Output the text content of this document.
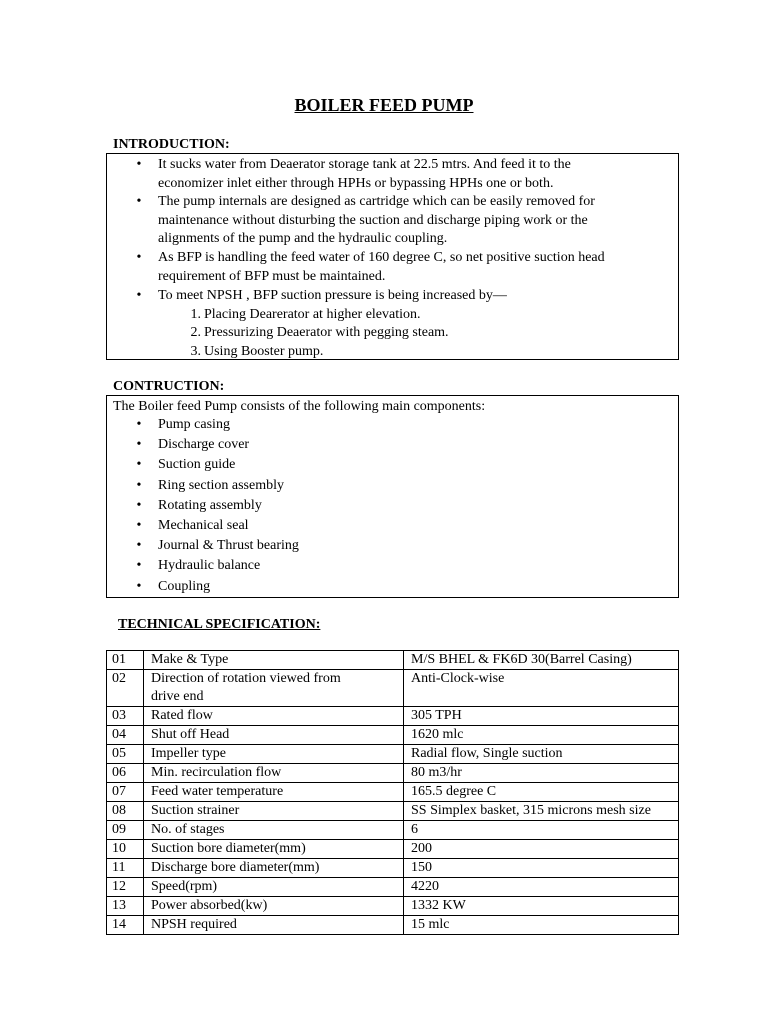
BOILER FEED PUMP
INTRODUCTION:
• It sucks water from Deaerator storage tank at 22.5 mtrs. And feed it to the
economizer inlet either through HPHs or bypassing HPHs one or both.
• The pump internals are designed as cartridge which can be easily removed for
maintenance without disturbing the suction and discharge piping work or the
alignments of the pump and the hydraulic coupling.
• As BFP is handling the feed water of 160 degree C, so net positive suction head
requirement of BFP must be maintained.
• To meet NPSH , BFP suction pressure is being increased by—
1. Placing Dearerator at higher elevation.
2. Pressurizing Deaerator with pegging steam.
3. Using Booster pump.
CONTRUCTION:
The Boiler feed Pump consists of the following main components:
• Pump casing
• Discharge cover
• Suction guide
• Ring section assembly
• Rotating assembly
• Mechanical seal
• Journal & Thrust bearing
• Hydraulic balance
• Coupling
TECHNICAL SPECIFICATION:
01	Make & Type	M/S BHEL & FK6D 30(Barrel Casing)
02	Direction of rotation viewed from
drive end	Anti-Clock-wise
03	Rated flow	305 TPH
04	Shut off Head	1620 mlc
05	Impeller type	Radial flow, Single suction
06	Min. recirculation flow	80 m3/hr
07	Feed water temperature	165.5 degree C
08	Suction strainer	SS Simplex basket, 315 microns mesh size
09	No. of stages	6
10	Suction bore diameter(mm)	200
11	Discharge bore diameter(mm)	150
12	Speed(rpm)	4220
13	Power absorbed(kw)	1332 KW
14	NPSH required	15 mlc
